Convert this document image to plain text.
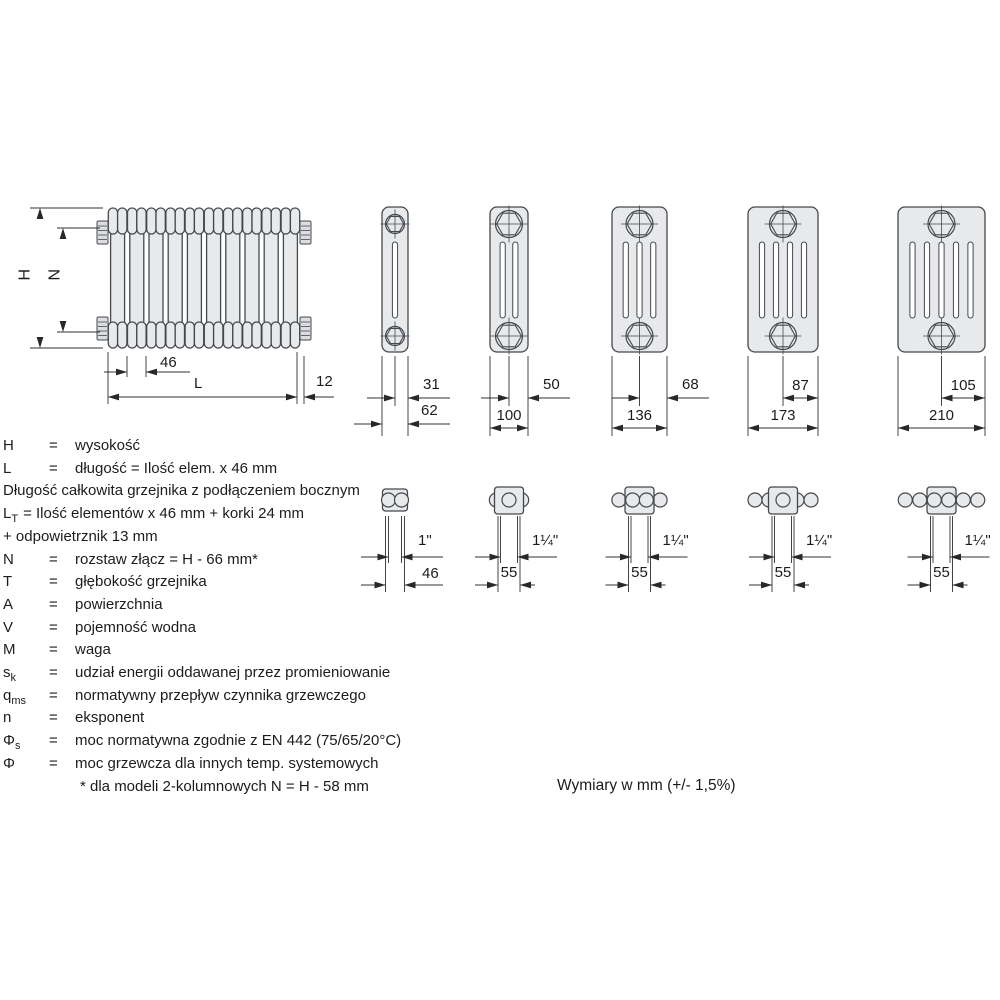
H N
46
L	12	31
62
1"
46
50
100
1¼"
55
68
136
1¼"
55
87
173
1¼"
55
105
210
1¼"
55
H = wysokość
L	= długość = Ilość elem. x 46 mm
Długość całkowita grzejnika z podłączeniem bocznym
$L_T$ = Ilość elementów x 46 mm + korki 24 mm
+ odpowietrznik 13 mm
N = rozstaw złącz = H - 66 mm*
T = głębokość grzejnika
A = powierzchnia
V = pojemność wodna
M = waga
$s_k$ = udział energii oddawanej przez promieniowanie
$q_{ms}$ = normatywny przepływ czynnika grzewczego
n	= eksponent
$\Phi_s$ = moc normatywna zgodnie z EN 442 (75/65/20°C)
Φ = moc grzewcza dla innych temp. systemowych
* dla modeli 2-kolumnowych N = H - 58 mm	Wymiary w mm (+/- 1,5%)
